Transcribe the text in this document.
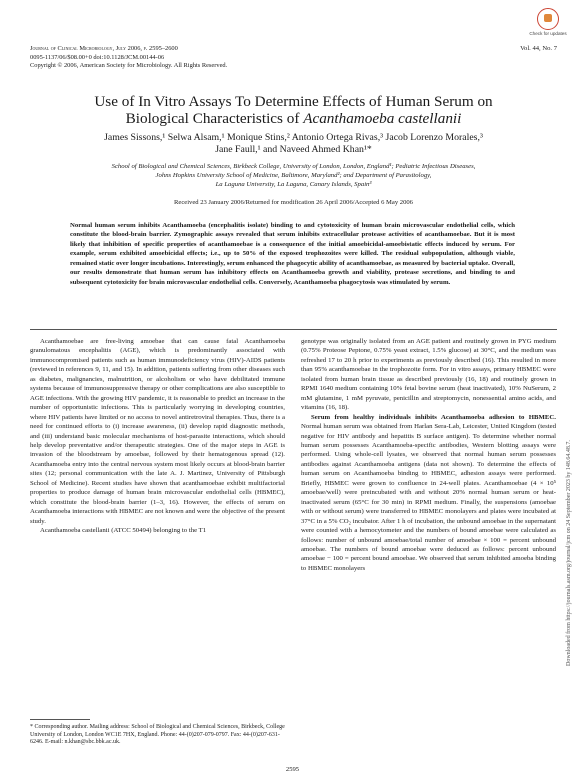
Journal of Clinical Microbiology, July 2006, p. 2595–2600
0095-1137/06/$08.00+0 doi:10.1128/JCM.00144-06
Copyright © 2006, American Society for Microbiology. All Rights Reserved.
Vol. 44, No. 7
Check for updates
Use of In Vitro Assays To Determine Effects of Human Serum on
Biological Characteristics of Acanthamoeba castellanii
James Sissons,¹ Selwa Alsam,¹ Monique Stins,² Antonio Ortega Rivas,³ Jacob Lorenzo Morales,³
Jane Faull,¹ and Naveed Ahmed Khan¹*
School of Biological and Chemical Sciences, Birkbeck College, University of London, London, England¹; Pediatric Infectious Diseases,
Johns Hopkins University School of Medicine, Baltimore, Maryland²; and Department of Parasitology,
La Laguna University, La Laguna, Canary Islands, Spain³
Received 23 January 2006/Returned for modification 26 April 2006/Accepted 6 May 2006
Normal human serum inhibits Acanthamoeba (encephalitis isolate) binding to and cytotoxicity of human brain microvascular endothelial cells, which constitute the blood-brain barrier. Zymographic assays revealed that serum inhibits extracellular protease activities of acanthamoebae. But it is most likely that inhibition of specific properties of acanthamoebae is a consequence of the initial amoebicidal-amoebistatic effects induced by serum. For example, serum exhibited amoebicidal effects; i.e., up to 50% of the exposed trophozoites were killed. The residual subpopulation, although viable, remained static over longer incubations. Interestingly, serum enhanced the phagocytic ability of acanthamoebae, as measured by bacterial uptake. Overall, our results demonstrate that human serum has inhibitory effects on Acanthamoeba growth and viability, protease secretions, and binding to and subsequent cytotoxicity for brain microvascular endothelial cells. Conversely, Acanthamoeba phagocytosis was stimulated by serum.

Acanthamoebae are free-living amoebae that can cause fatal Acanthamoeba granulomatous encephalitis (AGE), which is predominantly associated with immunocompromised patients such as human immunodeficiency virus (HIV)-AIDS patients (reviewed in references 9, 11, and 15). In addition, patients suffering from other diseases such as diabetes, malignancies, malnutrition, or alcoholism or who have debilitated immune systems because of immunosuppressive therapy or other complications are also susceptible to AGE infections. With the growing HIV pandemic, it is reasonable to predict an increase in the number of opportunistic infections. This is particularly worrying in developing countries, where HIV patients have limited or no access to novel antiretroviral therapies. Thus, there is a need for continued efforts to (i) increase awareness, (ii) develop rapid diagnostic methods, and (iii) understand basic molecular mechanisms of host-parasite interactions, which should help develop preventative and/or therapeutic strategies. One of the major steps in AGE is invasion of the bloodstream by amoebae, followed by their hematogenous spread (12). Acanthamoeba entry into the central nervous system most likely occurs at blood-brain barrier sites (12; personal communication with the late A. J. Martinez, University of Pittsburgh School of Medicine). Recent studies have shown that acanthamoebae exhibit multifactorial properties to produce damage of human brain microvascular endothelial cells (HBMEC), which constitute the blood-brain barrier (1–3, 16). However, the effects of serum on Acanthamoeba interactions with HBMEC are not known and were the objective of the present study.

Acanthamoeba castellanii (ATCC 50494) belonging to the T1

genotype was originally isolated from an AGE patient and routinely grown in PYG medium (0.75% Proteose Peptone, 0.75% yeast extract, 1.5% glucose) at 30°C, and the medium was refreshed 17 to 20 h prior to experiments as previously described (16). This resulted in more than 95% acanthamoebae in the trophozoite form. For in vitro assays, primary HBMEC were isolated from human brain tissue as described previously (16, 18) and routinely grown in RPMI 1640 medium containing 10% fetal bovine serum (heat inactivated), 10% NuSerum, 2 mM glutamine, 1 mM pyruvate, penicillin and streptomycin, nonessential amino acids, and vitamins (16, 18).

Serum from healthy individuals inhibits Acanthamoeba adhesion to HBMEC. Normal human serum was obtained from Harlan Sera-Lab, Leicester, United Kingdom (tested negative for HIV antibody and hepatitis B surface antigen). To determine whether normal human serum possesses Acanthamoeba-specific antibodies, Western blotting assays were performed. Using whole-cell lysates, we observed that normal human serum possesses antibodies against Acanthamoeba antigens (data not shown). To determine the effects of human serum on Acanthamoeba binding to HBMEC, adhesion assays were performed. Briefly, HBMEC were grown to confluence in 24-well plates. Acanthamoebae (4 × 10⁵ amoebae/well) were preincubated with and without 20% normal human serum or heat-inactivated serum (65°C for 30 min) in RPMI medium. Finally, the suspensions (amoebae with or without serum) were transferred to HBMEC monolayers and plates were incubated at 37°C in a 5% CO₂ incubator. After 1 h of incubation, the unbound amoebae in the supernatant were counted with a hemocytometer and the numbers of bound amoebae were calculated as follows: number of unbound amoebae/total number of amoebae × 100 = percent unbound amoebae. The numbers of bound amoebae were deduced as follows: percent unbound amoebae − 100 = percent bound amoebae. We observed that serum inhibited amoeba binding to HBMEC monolayers

* Corresponding author. Mailing address: School of Biological and Chemical Sciences, Birkbeck, College University of London, London WC1E 7HX, England. Phone: 44-(0)207-079-0797. Fax: 44-(0)207-631-6246. E-mail: n.khan@sbc.bbk.ac.uk.
2595
Downloaded from https://journals.asm.org/journal/jcm on 24 September 2023 by 148.64.48.7.
